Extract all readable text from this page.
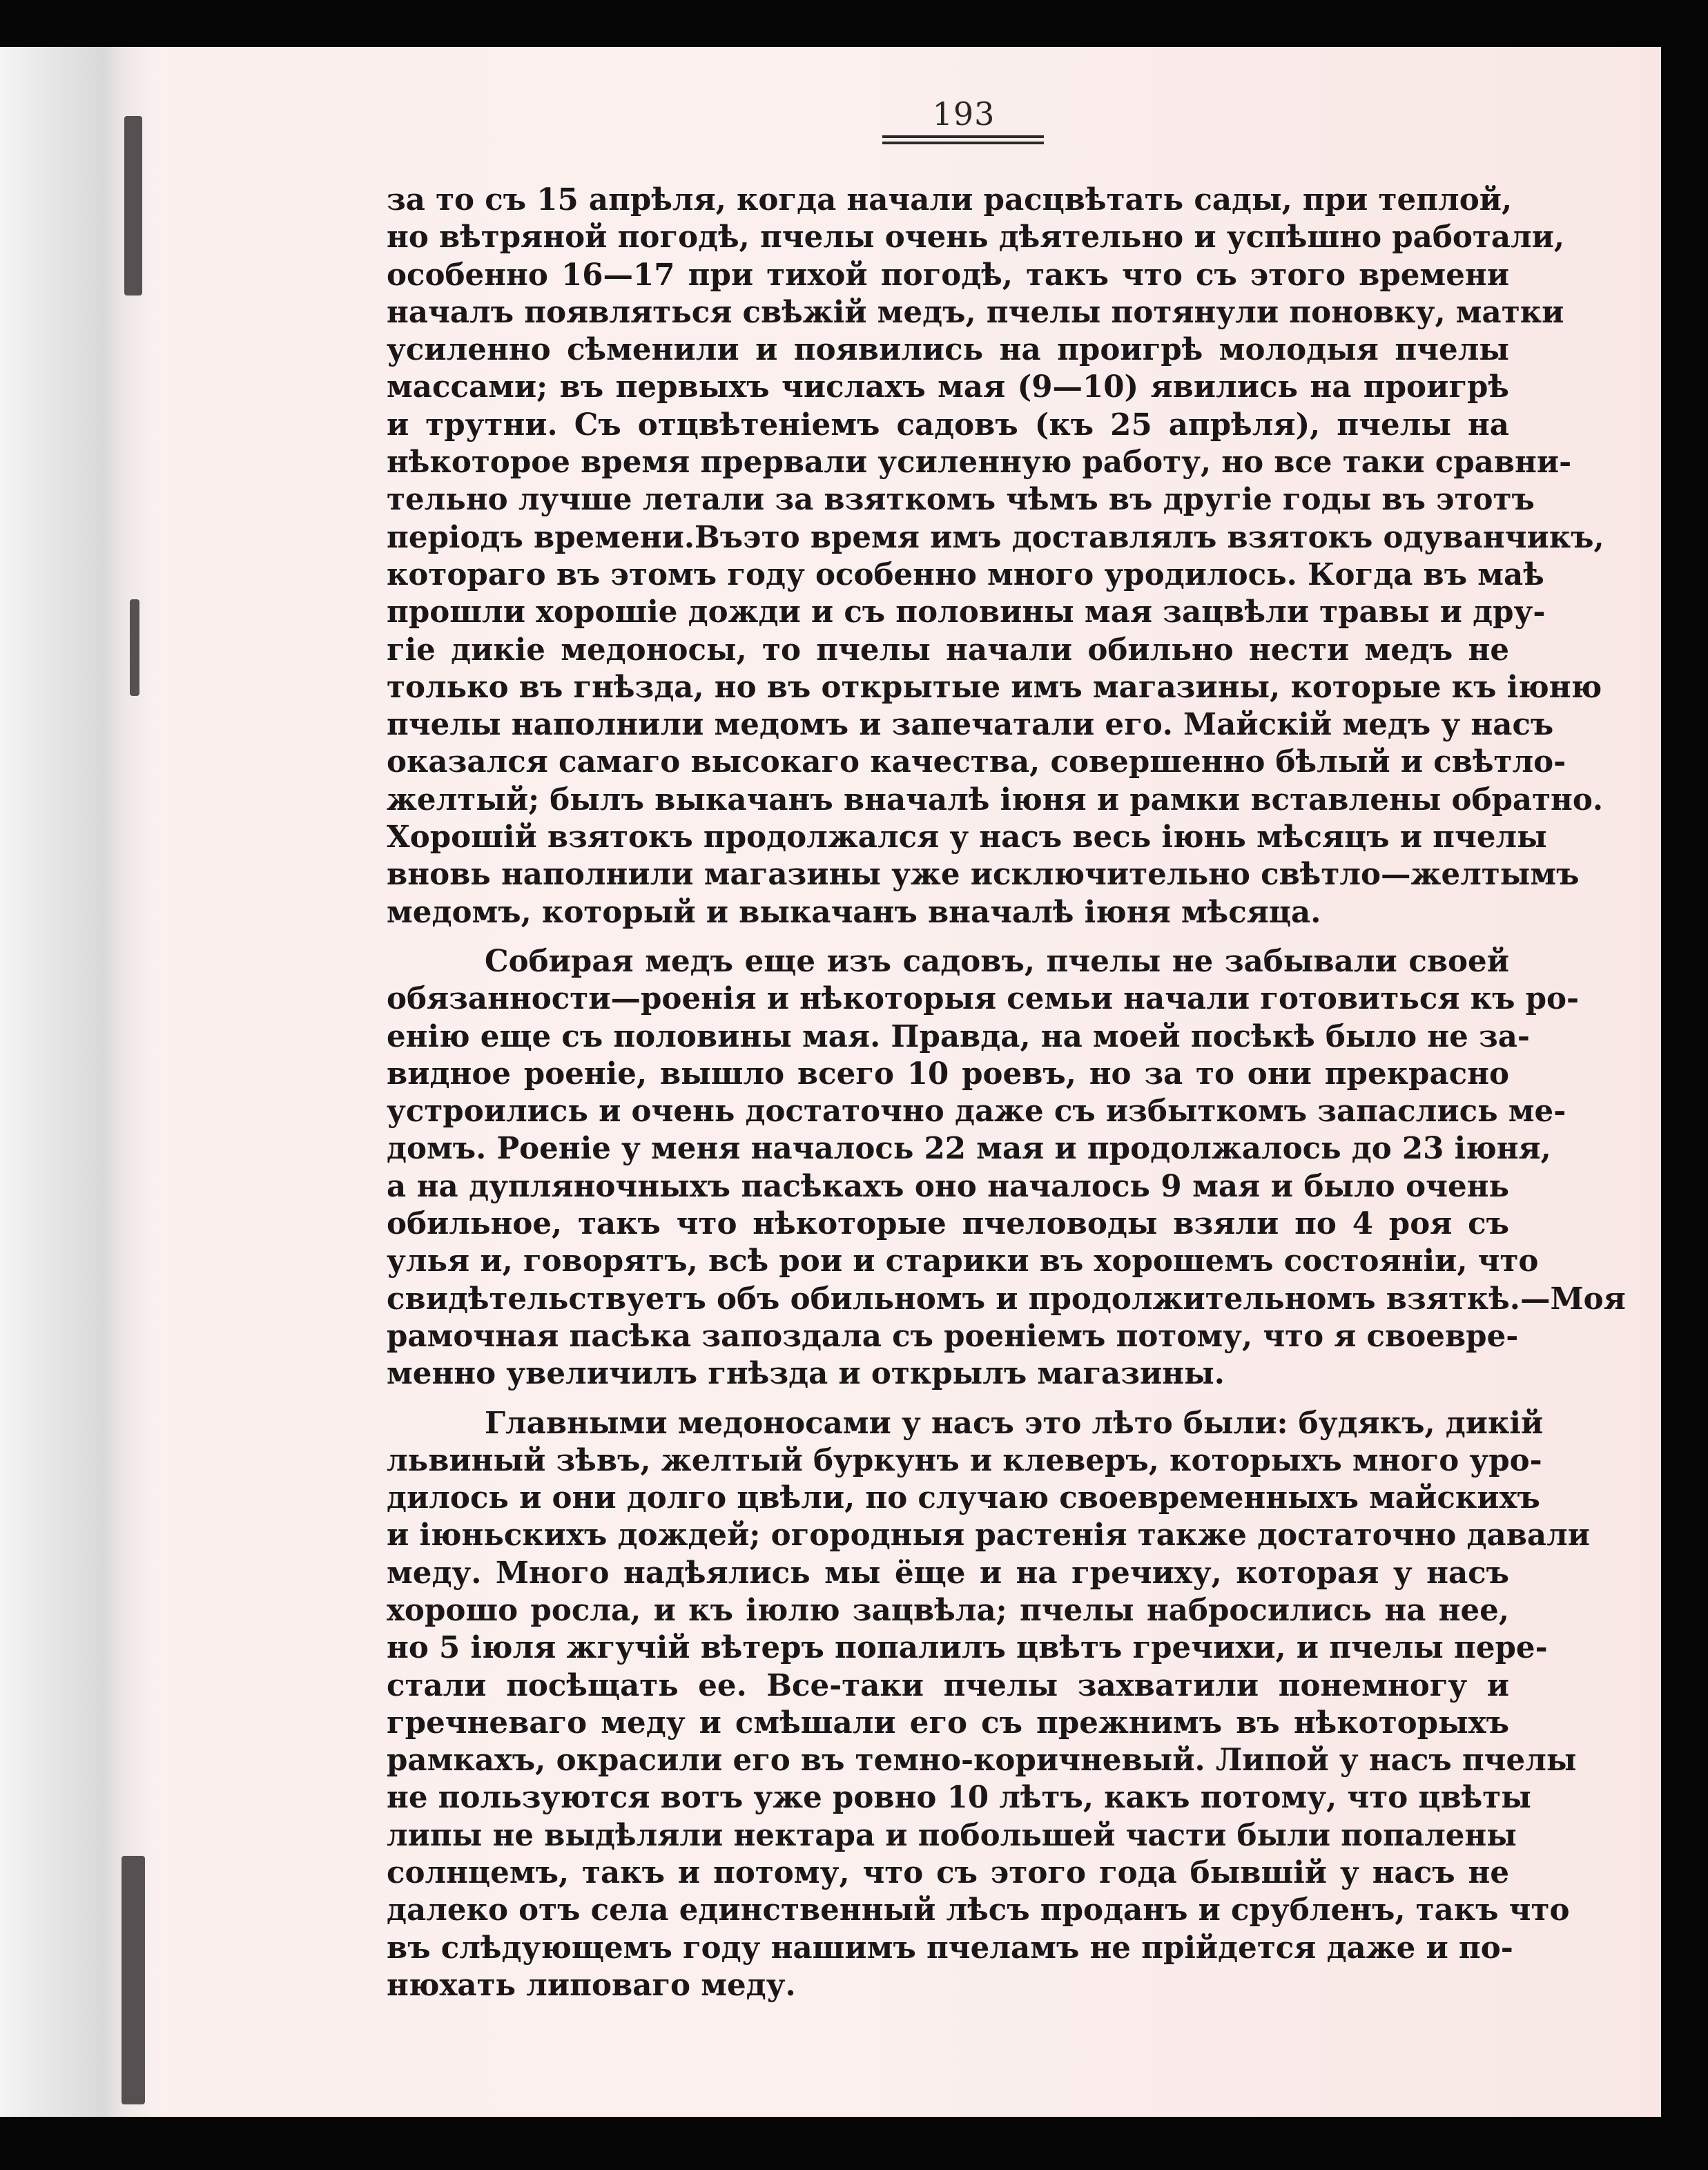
193
за то съ 15 апрѣля, когда начали расцвѣтать сады, при теплой,
но вѣтряной погодѣ, пчелы очень дѣятельно и успѣшно работали,
особенно 16—17 при тихой погодѣ, такъ что съ этого времени
началъ появляться свѣжій медъ, пчелы потянули поновку, матки
усиленно сѣменили и появились на проигрѣ молодыя пчелы
массами; въ первыхъ числахъ мая (9—10) явились на проигрѣ
и трутни. Съ отцвѣтеніемъ садовъ (къ 25 апрѣля), пчелы на
нѣкоторое время прервали усиленную работу, но все таки сравни-
тельно лучше летали за взяткомъ чѣмъ въ другіе годы въ этотъ
періодъ времени.Въэто время имъ доставлялъ взятокъ одуванчикъ,
котораго въ этомъ году особенно много уродилось. Когда въ маѣ
прошли хорошіе дожди и съ половины мая зацвѣли травы и дру-
гіе дикіе медоносы, то пчелы начали обильно нести медъ не
только въ гнѣзда, но въ открытые имъ магазины, которые къ іюню
пчелы наполнили медомъ и запечатали его. Майскій медъ у насъ
оказался самаго высокаго качества, совершенно бѣлый и свѣтло-
желтый; былъ выкачанъ вначалѣ іюня и рамки вставлены обратно.
Хорошій взятокъ продолжался у насъ весь іюнь мѣсяцъ и пчелы
вновь наполнили магазины уже исключительно свѣтло—желтымъ
медомъ, который и выкачанъ вначалѣ іюня мѣсяца.
Собирая медъ еще изъ садовъ, пчелы не забывали своей
обязанности—роенія и нѣкоторыя семьи начали готовиться къ ро-
енію еще съ половины мая. Правда, на моей посѣкѣ было не за-
видное роеніе, вышло всего 10 роевъ, но за то они прекрасно
устроились и очень достаточно даже съ избыткомъ запаслись ме-
домъ. Роеніе у меня началось 22 мая и продолжалось до 23 іюня,
а на дупляночныхъ пасѣкахъ оно началось 9 мая и было очень
обильное, такъ что нѣкоторые пчеловоды взяли по 4 роя съ
улья и, говорятъ, всѣ рои и старики въ хорошемъ состояніи, что
свидѣтельствуетъ объ обильномъ и продолжительномъ взяткѣ.—Моя
рамочная пасѣка запоздала съ роеніемъ потому, что я своевре-
менно увеличилъ гнѣзда и открылъ магазины.
Главными медоносами у насъ это лѣто были: будякъ, дикій
львиный зѣвъ, желтый буркунъ и клеверъ, которыхъ много уро-
дилось и они долго цвѣли, по случаю своевременныхъ майскихъ
и іюньскихъ дождей; огородныя растенія также достаточно давали
меду. Много надѣялись мы ёще и на гречиху, которая у насъ
хорошо росла, и къ іюлю зацвѣла; пчелы набросились на нее,
но 5 іюля жгучій вѣтеръ попалилъ цвѣтъ гречихи, и пчелы пере-
стали посѣщать ее. Все-таки пчелы захватили понемногу и
гречневаго меду и смѣшали его съ прежнимъ въ нѣкоторыхъ
рамкахъ, окрасили его въ темно-коричневый. Липой у насъ пчелы
не пользуются вотъ уже ровно 10 лѣтъ, какъ потому, что цвѣты
липы не выдѣляли нектара и побольшей части были попалены
солнцемъ, такъ и потому, что съ этого года бывшій у насъ не
далеко отъ села единственный лѣсъ проданъ и срубленъ, такъ что
въ слѣдующемъ году нашимъ пчеламъ не прійдется даже и по-
нюхать липоваго меду.
